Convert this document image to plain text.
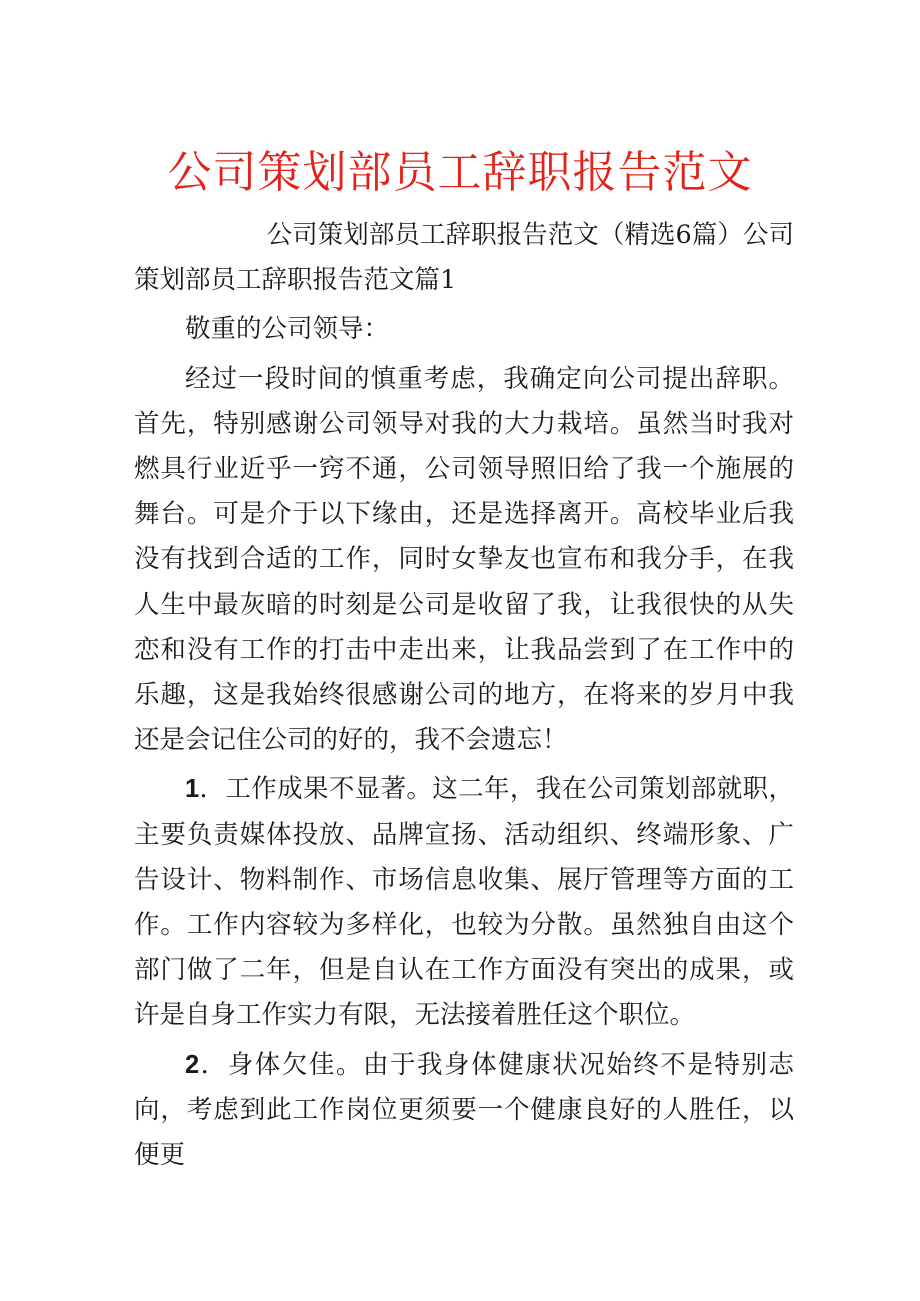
公司策划部员工辞职报告范文

公司策划部员工辞职报告范文（精选6篇）公司策划部员工辞职报告范文篇1

敬重的公司领导：

经过一段时间的慎重考虑，我确定向公司提出辞职。首先，特别感谢公司领导对我的大力栽培。虽然当时我对燃具行业近乎一窍不通，公司领导照旧给了我一个施展的舞台。可是介于以下缘由，还是选择离开。高校毕业后我没有找到合适的工作，同时女挚友也宣布和我分手，在我人生中最灰暗的时刻是公司是收留了我，让我很快的从失恋和没有工作的打击中走出来，让我品尝到了在工作中的乐趣，这是我始终很感谢公司的地方，在将来的岁月中我还是会记住公司的好的，我不会遗忘！

1．工作成果不显著。这二年，我在公司策划部就职，主要负责媒体投放、品牌宣扬、活动组织、终端形象、广告设计、物料制作、市场信息收集、展厅管理等方面的工作。工作内容较为多样化，也较为分散。虽然独自由这个部门做了二年，但是自认在工作方面没有突出的成果，或许是自身工作实力有限，无法接着胜任这个职位。

2．身体欠佳。由于我身体健康状况始终不是特别志向，考虑到此工作岗位更须要一个健康良好的人胜任，以便更
